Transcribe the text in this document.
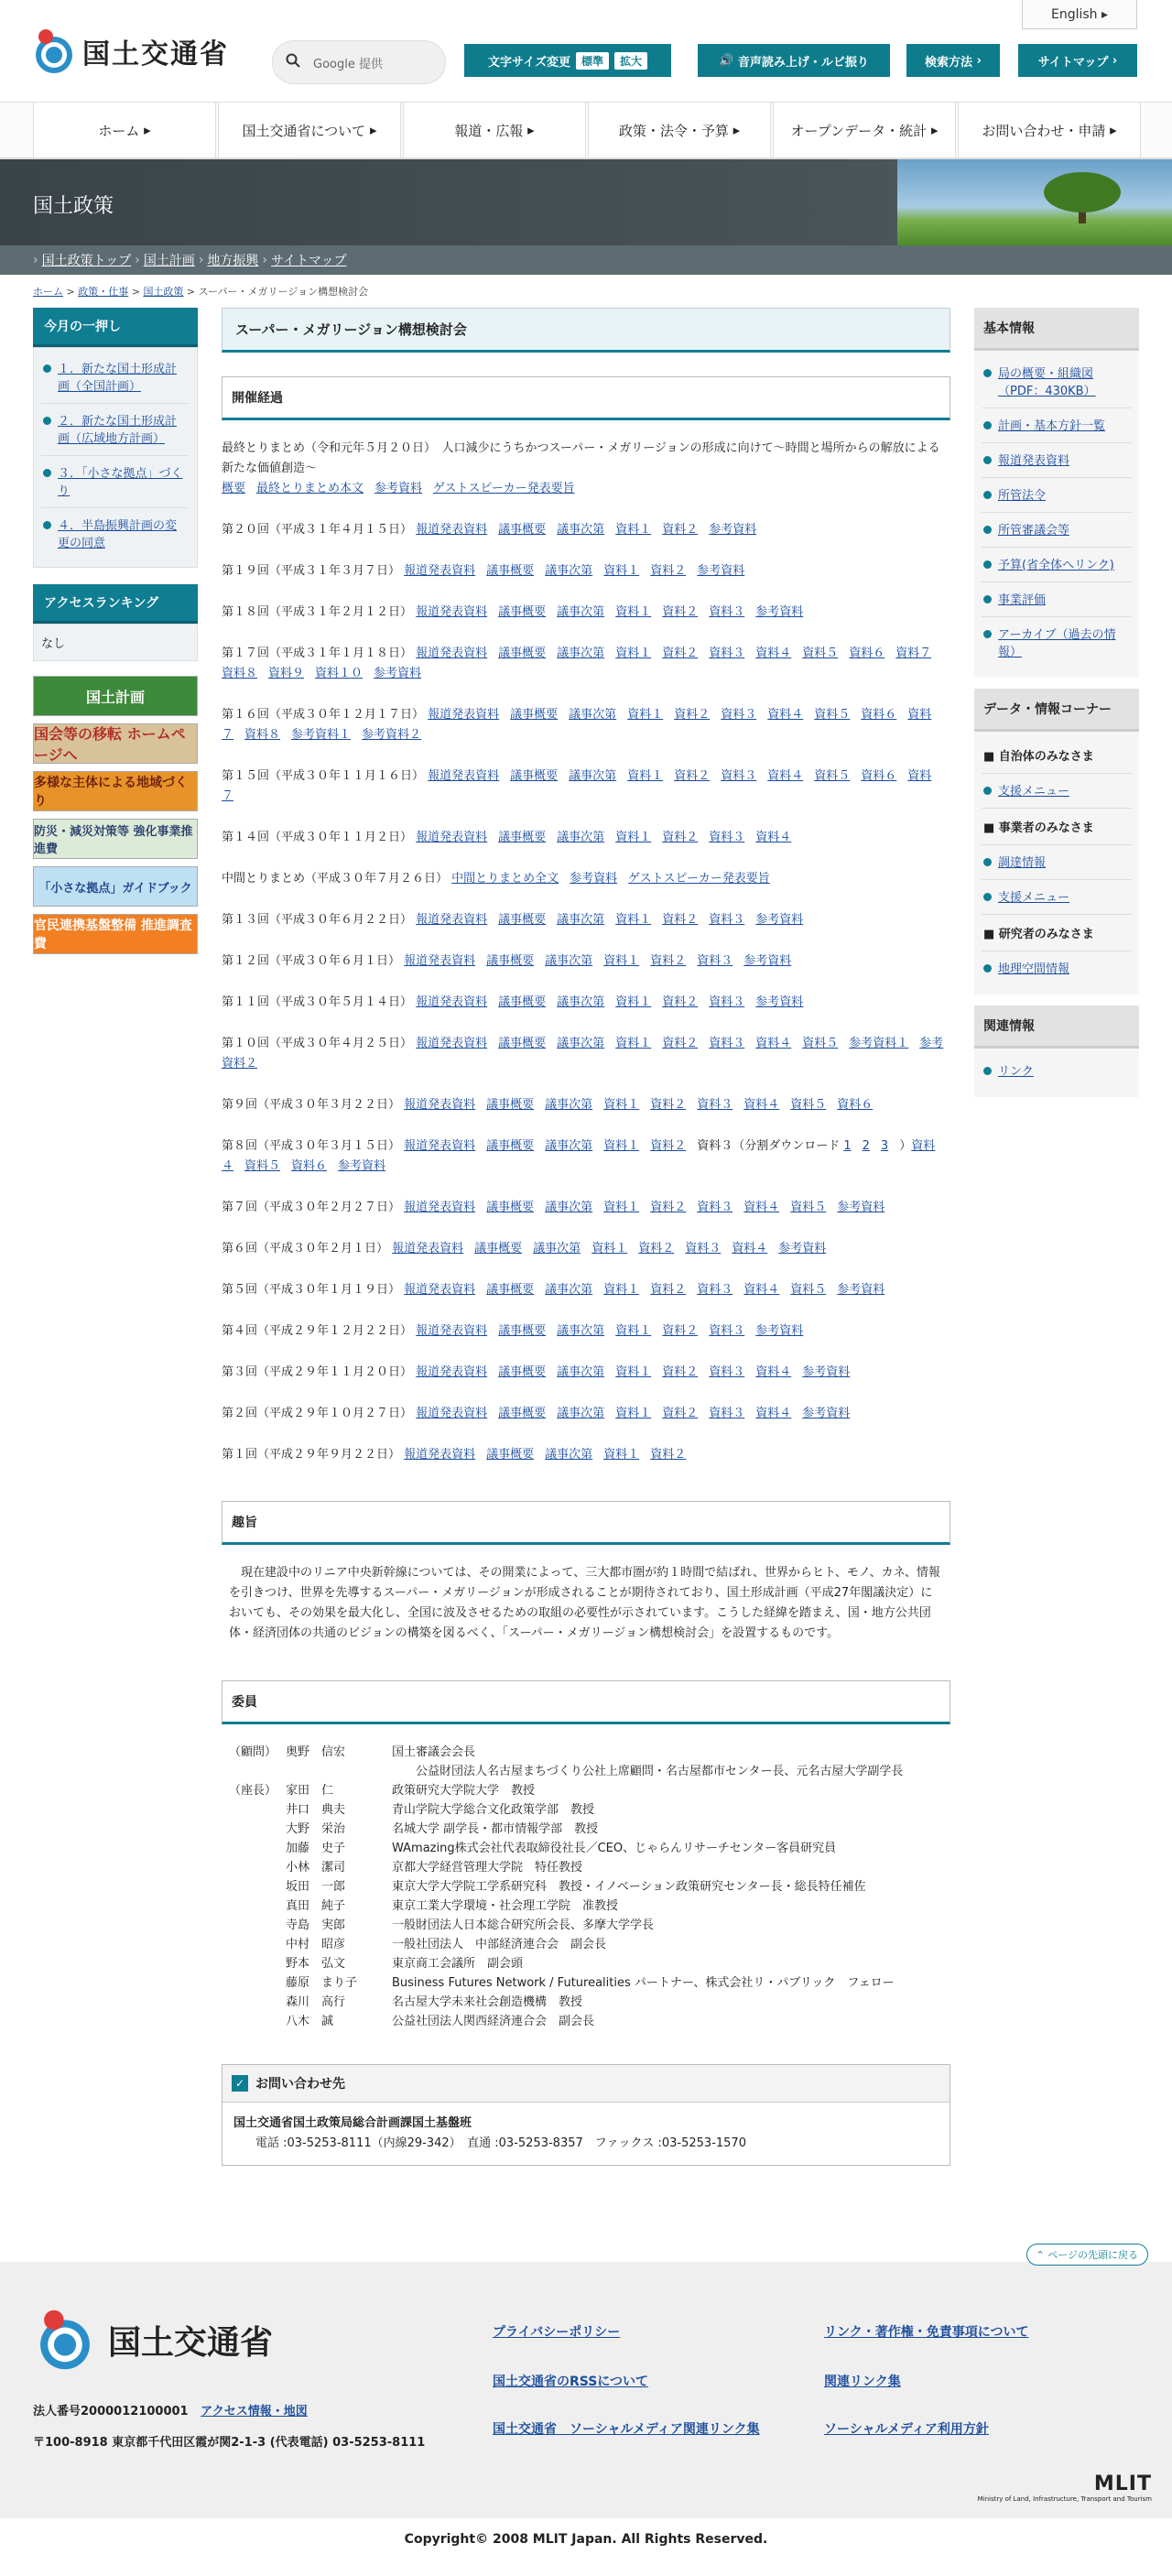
国土交通省	Google 提供	文字サイズ変更	標準	拡大	🔊 音声読み上げ・ルビ振り	検索方法
›	サイトマップ
›
English ▸
ホーム ▸	国土交通省について ▸	報道・広報 ▸	政策・法令・予算 ▸	オープンデータ・統計 ▸	お問い合わせ・申請 ▸
国土政策
› 国土政策トップ › 国土計画 › 地方振興 › サイトマップ
ホーム > 政策・仕事 > 国土政策 > スーパー・メガリージョン構想検討会
今月の一押し
１．新たな国土形成計画（全国計画）
２．新たな国土形成計画（広域地方計画）
３．「小さな拠点」づくり
４．半島振興計画の変更の同意
アクセスランキング
なし
国土計画
国会等の移転 ホームページへ
多様な主体による地域づくり
防災・減災対策等 強化事業推進費
「小さな拠点」ガイドブック
官民連携基盤整備 推進調査費
スーパー・メガリージョン構想検討会
開催経過
最終とりまとめ（令和元年５月２０日）　人口減少にうちかつスーパー・メガリージョンの形成に向けて～時間と場所からの解放による新たな価値創造～
概要 最終とりまとめ本文 参考資料 ゲストスピーカー発表要旨
第２０回（平成３１年４月１５日） 報道発表資料 議事概要 議事次第 資料１ 資料２ 参考資料
第１９回（平成３１年３月７日） 報道発表資料 議事概要 議事次第 資料１ 資料２ 参考資料
第１８回（平成３１年２月１２日） 報道発表資料 議事概要 議事次第 資料１ 資料２ 資料３ 参考資料
第１７回（平成３１年１月１８日） 報道発表資料 議事概要 議事次第 資料１ 資料２ 資料３ 資料４ 資料５ 資料６ 資料７資料８ 資料９ 資料１０ 参考資料
第１６回（平成３０年１２月１７日） 報道発表資料 議事概要 議事次第 資料１ 資料２ 資料３ 資料４ 資料５ 資料６ 資料７ 資料８ 参考資料１ 参考資料２
第１５回（平成３０年１１月１６日） 報道発表資料 議事概要 議事次第 資料１ 資料２ 資料３ 資料４ 資料５ 資料６ 資料７
第１４回（平成３０年１１月２日） 報道発表資料 議事概要 議事次第 資料１ 資料２ 資料３ 資料４
中間とりまとめ（平成３０年７月２６日） 中間とりまとめ全文 参考資料 ゲストスピーカー発表要旨
第１３回（平成３０年６月２２日） 報道発表資料 議事概要 議事次第 資料１ 資料２ 資料３ 参考資料
第１２回（平成３０年６月１日） 報道発表資料 議事概要 議事次第 資料１ 資料２ 資料３ 参考資料
第１１回（平成３０年５月１４日） 報道発表資料 議事概要 議事次第 資料１ 資料２ 資料３ 参考資料
第１０回（平成３０年４月２５日） 報道発表資料 議事概要 議事次第 資料１ 資料２ 資料３ 資料４ 資料５ 参考資料１ 参考資料２
第９回（平成３０年３月２２日） 報道発表資料 議事概要 議事次第 資料１ 資料２ 資料３ 資料４ 資料５ 資料６
第８回（平成３０年３月１５日） 報道発表資料 議事概要 議事次第 資料１ 資料２ 資料３（分割ダウンロード 1 2 3 ）資料４ 資料５ 資料６ 参考資料
第７回（平成３０年２月２７日） 報道発表資料 議事概要 議事次第 資料１ 資料２ 資料３ 資料４ 資料５ 参考資料
第６回（平成３０年２月１日） 報道発表資料 議事概要 議事次第 資料１ 資料２ 資料３ 資料４ 参考資料
第５回（平成３０年１月１９日） 報道発表資料 議事概要 議事次第 資料１ 資料２ 資料３ 資料４ 資料５ 参考資料
第４回（平成２９年１２月２２日） 報道発表資料 議事概要 議事次第 資料１ 資料２ 資料３ 参考資料
第３回（平成２９年１１月２０日） 報道発表資料 議事概要 議事次第 資料１ 資料２ 資料３ 資料４ 参考資料
第２回（平成２９年１０月２７日） 報道発表資料 議事概要 議事次第 資料１ 資料２ 資料３ 資料４ 参考資料
第１回（平成２９年９月２２日） 報道発表資料 議事概要 議事次第 資料１ 資料２
趣旨
　現在建設中のリニア中央新幹線については、その開業によって、三大都市圏が約１時間で結ばれ、世界からヒト、モノ、カネ、情報を引きつけ、世界を先導するスーパー・メガリージョンが形成されることが期待されており、国土形成計画（平成27年閣議決定）においても、その効果を最大化し、全国に波及させるための取組の必要性が示されています。こうした経緯を踏まえ、国・地方公共団体・経済団体の共通のビジョンの構築を図るべく、「スーパー・メガリージョン構想検討会」を設置するものです。
委員
（顧問） 奥野　信宏	国土審議会会長
　　公益財団法人名古屋まちづくり公社上席顧問・名古屋都市センター長、元名古屋大学副学長
（座長） 家田　仁	政策研究大学院大学　教授
井口　典夫	青山学院大学総合文化政策学部　教授
大野　栄治	名城大学 副学長・都市情報学部　教授
加藤　史子	WAmazing株式会社代表取締役社長／CEO、じゃらんリサーチセンター客員研究員
小林　潔司	京都大学経営管理大学院　特任教授
坂田　一郎	東京大学大学院工学系研究科　教授・イノベーション政策研究センター長・総長特任補佐
真田　純子	東京工業大学環境・社会理工学院　准教授
寺島　実郎	一般財団法人日本総合研究所会長、多摩大学学長
中村　昭彦	一般社団法人　中部経済連合会　副会長
野本　弘文	東京商工会議所　副会頭
藤原　まり子	Business Futures Network / Futurealities パートナー、株式会社リ・パブリック　フェロー
森川　高行	名古屋大学未来社会創造機構　教授
八木　誠	公益社団法人関西経済連合会　副会長
✓ お問い合わせ先
国土交通省国土政策局総合計画課国土基盤班
電話 :03-5253-8111（内線29-342）　直通 :03-5253-8357　ファックス :03-5253-1570
基本情報
局の概要・組織図（PDF：430KB）
計画・基本方針一覧
報道発表資料
所管法令
所管審議会等
予算(省全体へリンク)
事業評価
アーカイブ（過去の情報）
データ・情報コーナー
■ 自治体のみなさま
支援メニュー
■ 事業者のみなさま
調達情報
支援メニュー
■ 研究者のみなさま
地理空間情報
関連情報
リンク
⌃ ページの先頭に戻る
国土交通省
法人番号2000012100001 アクセス情報・地図
〒100-8918 東京都千代田区霞が関2-1-3 (代表電話) 03-5253-8111
プライバシーポリシー	リンク・著作権・免責事項について
国土交通省のRSSについて	関連リンク集
国土交通省　ソーシャルメディア関連リンク集	ソーシャルメディア利用方針
MLIT
Ministry of Land, Infrastructure, Transport and Tourism
Copyright© 2008 MLIT Japan. All Rights Reserved.
